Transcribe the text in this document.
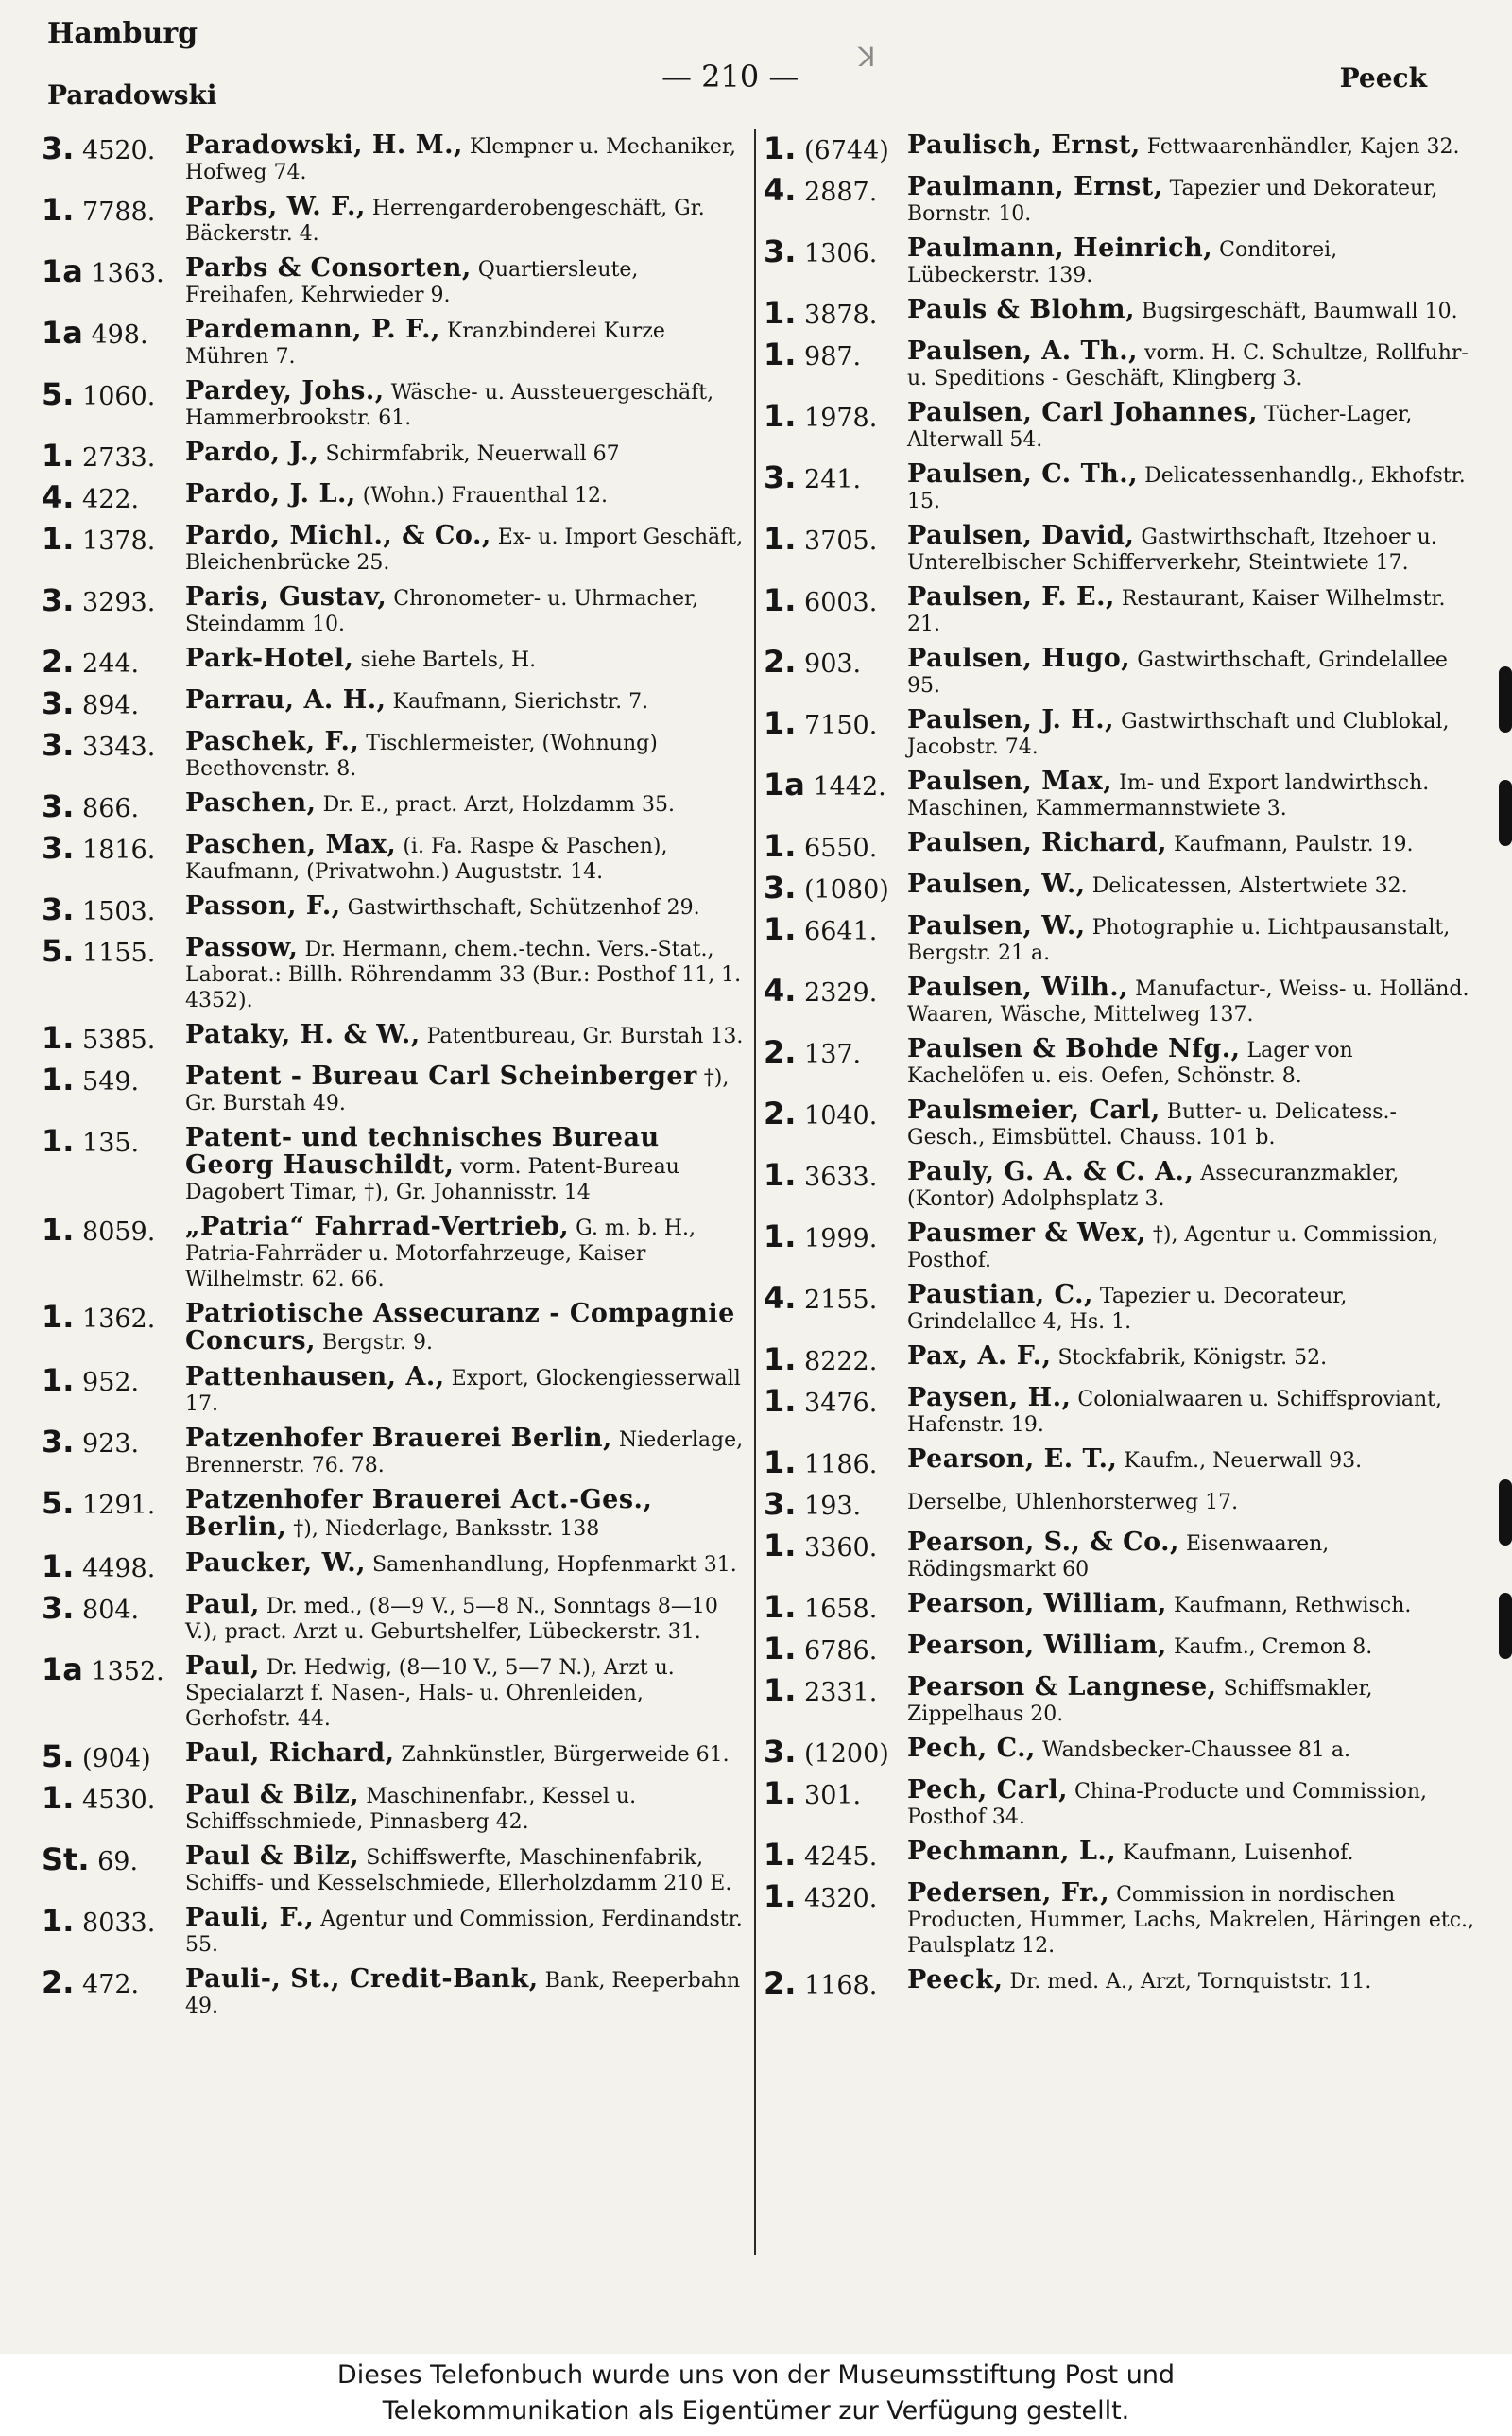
Hamburg
Paradowski
— 210 —
ꓘ
Peeck
3. 4520.	Paradowski, H. M., Klempner u. Mechaniker, Hofweg 74.
1. 7788.	Parbs, W. F., Herrengarderobengeschäft, Gr. Bäckerstr. 4.
1a 1363. Parbs & Consorten, Quartiersleute, Freihafen, Kehrwieder 9.
1a 498.	Pardemann, P. F., Kranzbinderei Kurze Mühren 7.
5. 1060.	Pardey, Johs., Wäsche- u. Aussteuergeschäft, Hammerbrookstr. 61.
1. 2733.	Pardo, J., Schirmfabrik, Neuerwall 67
4. 422.	Pardo, J. L., (Wohn.) Frauenthal 12.
1. 1378.	Pardo, Michl., & Co., Ex- u. Import Geschäft, Bleichenbrücke 25.
3. 3293.	Paris, Gustav, Chronometer- u. Uhrmacher, Steindamm 10.
2. 244.	Park-Hotel, siehe Bartels, H.
3. 894.	Parrau, A. H., Kaufmann, Sierichstr. 7.
3. 3343.	Paschek, F., Tischlermeister, (Wohnung) Beethovenstr. 8.
3. 866.	Paschen, Dr. E., pract. Arzt, Holzdamm 35.
3. 1816.	Paschen, Max, (i. Fa. Raspe & Paschen), Kaufmann, (Privatwohn.) Auguststr. 14.
3. 1503.	Passon, F., Gastwirthschaft, Schützenhof 29.
5. 1155.	Passow, Dr. Hermann, chem.-techn. Vers.-Stat., Laborat.: Billh. Röhrendamm 33 (Bur.: Posthof 11, 1. 4352).
1. 5385.	Pataky, H. & W., Patentbureau, Gr. Burstah 13.
1. 549.	Patent - Bureau Carl Scheinberger †), Gr. Burstah 49.
1. 135.	Patent- und technisches Bureau Georg Hauschildt, vorm. Patent-Bureau Dagobert Timar, †), Gr. Johannisstr. 14
1. 8059.	„Patria“ Fahrrad-Vertrieb, G. m. b. H., Patria-Fahrräder u. Motorfahrzeuge, Kaiser Wilhelmstr. 62. 66.
1. 1362.	Patriotische Assecuranz - Compagnie Concurs, Bergstr. 9.
1. 952.	Pattenhausen, A., Export, Glockengiesserwall 17.
3. 923.	Patzenhofer Brauerei Berlin, Niederlage, Brennerstr. 76. 78.
5. 1291.	Patzenhofer Brauerei Act.-Ges., Berlin, †), Niederlage, Banksstr. 138
1. 4498.	Paucker, W., Samenhandlung, Hopfenmarkt 31.
3. 804.	Paul, Dr. med., (8—9 V., 5—8 N., Sonntags 8—10 V.), pract. Arzt u. Geburtshelfer, Lübeckerstr. 31.
1a 1352. Paul, Dr. Hedwig, (8—10 V., 5—7 N.), Arzt u. Specialarzt f. Nasen-, Hals- u. Ohrenleiden, Gerhofstr. 44.
5. (904)	Paul, Richard, Zahnkünstler, Bürgerweide 61.
1. 4530.	Paul & Bilz, Maschinenfabr., Kessel u. Schiffsschmiede, Pinnasberg 42.
St. 69.	Paul & Bilz, Schiffswerfte, Maschinenfabrik, Schiffs- und Kesselschmiede, Ellerholzdamm 210 E.
1. 8033.	Pauli, F., Agentur und Commission, Ferdinandstr. 55.
2. 472.	Pauli-, St., Credit-Bank, Bank, Reeperbahn 49.
1. (6744) Paulisch, Ernst, Fettwaarenhändler, Kajen 32.
4. 2887.	Paulmann, Ernst, Tapezier und Dekorateur, Bornstr. 10.
3. 1306.	Paulmann, Heinrich, Conditorei, Lübeckerstr. 139.
1. 3878.	Pauls & Blohm, Bugsirgeschäft, Baumwall 10.
1. 987.	Paulsen, A. Th., vorm. H. C. Schultze, Rollfuhr- u. Speditions - Geschäft, Klingberg 3.
1. 1978.	Paulsen, Carl Johannes, Tücher-Lager, Alterwall 54.
3. 241.	Paulsen, C. Th., Delicatessenhandlg., Ekhofstr. 15.
1. 3705.	Paulsen, David, Gastwirthschaft, Itzehoer u. Unterelbischer Schifferverkehr, Steintwiete 17.
1. 6003.	Paulsen, F. E., Restaurant, Kaiser Wilhelmstr. 21.
2. 903.	Paulsen, Hugo, Gastwirthschaft, Grindelallee 95.
1. 7150.	Paulsen, J. H., Gastwirthschaft und Clublokal, Jacobstr. 74.
1a 1442. Paulsen, Max, Im- und Export landwirthsch. Maschinen, Kammermannstwiete 3.
1. 6550.	Paulsen, Richard, Kaufmann, Paulstr. 19.
3. (1080) Paulsen, W., Delicatessen, Alstertwiete 32.
1. 6641.	Paulsen, W., Photographie u. Lichtpausanstalt, Bergstr. 21 a.
4. 2329.	Paulsen, Wilh., Manufactur-, Weiss- u. Holländ. Waaren, Wäsche, Mittelweg 137.
2. 137.	Paulsen & Bohde Nfg., Lager von Kachelöfen u. eis. Oefen, Schönstr. 8.
2. 1040.	Paulsmeier, Carl, Butter- u. Delicatess.-Gesch., Eimsbüttel. Chauss. 101 b.
1. 3633.	Pauly, G. A. & C. A., Assecuranzmakler, (Kontor) Adolphsplatz 3.
1. 1999.	Pausmer & Wex, †), Agentur u. Commission, Posthof.
4. 2155.	Paustian, C., Tapezier u. Decorateur, Grindelallee 4, Hs. 1.
1. 8222.	Pax, A. F., Stockfabrik, Königstr. 52.
1. 3476.	Paysen, H., Colonialwaaren u. Schiffsproviant, Hafenstr. 19.
1. 1186.	Pearson, E. T., Kaufm., Neuerwall 93.
3. 193.	Derselbe, Uhlenhorsterweg 17.
1. 3360.	Pearson, S., & Co., Eisenwaaren, Rödingsmarkt 60
1. 1658.	Pearson, William, Kaufmann, Rethwisch.
1. 6786.	Pearson, William, Kaufm., Cremon 8.
1. 2331.	Pearson & Langnese, Schiffsmakler, Zippelhaus 20.
3. (1200) Pech, C., Wandsbecker-Chaussee 81 a.
1. 301.	Pech, Carl, China-Producte und Commission, Posthof 34.
1. 4245.	Pechmann, L., Kaufmann, Luisenhof.
1. 4320.	Pedersen, Fr., Commission in nordischen Producten, Hummer, Lachs, Makrelen, Häringen etc., Paulsplatz 12.
2. 1168.	Peeck, Dr. med. A., Arzt, Tornquiststr. 11.
Dieses Telefonbuch wurde uns von der Museumsstiftung Post und
Telekommunikation als Eigentümer zur Verfügung gestellt.
